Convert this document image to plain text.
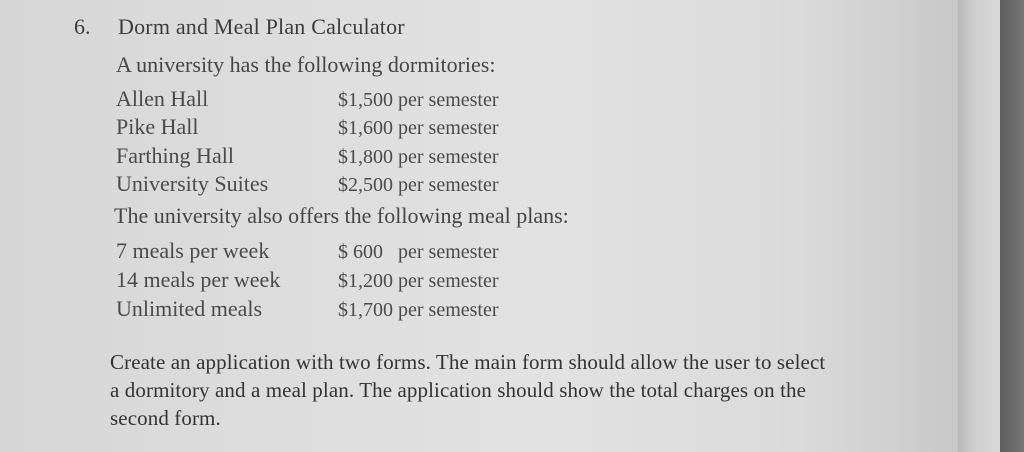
6. Dorm and Meal Plan Calculator
A university has the following dormitories:
Allen Hall	$1,500 per semester
Pike Hall	$1,600 per semester
Farthing Hall	$1,800 per semester
University Suites	$2,500 per semester
The university also offers the following meal plans:
7 meals per week	$ 600   per semester
14 meals per week	$1,200 per semester
Unlimited meals	$1,700 per semester
Create an application with two forms. The main form should allow the user to select
a dormitory and a meal plan. The application should show the total charges on the
second form.
